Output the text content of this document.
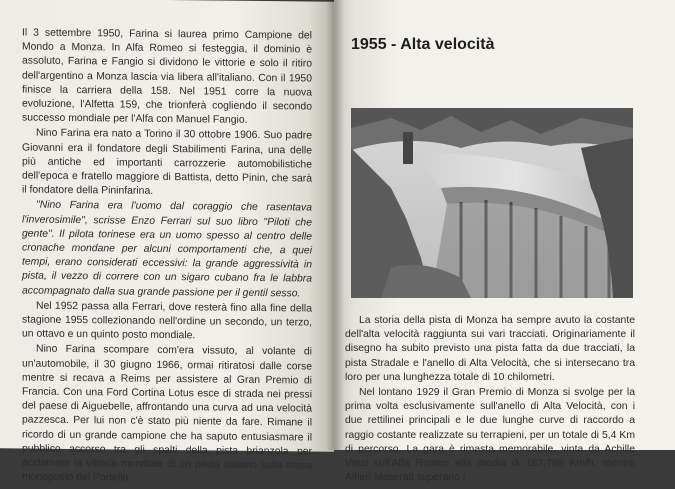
Il 3 settembre 1950, Farina si laurea primo Campione del Mondo a Monza. In Alfa Romeo si festeggia, il dominio è assoluto, Farina e Fangio si dividono le vittorie e solo il ritiro dell'argentino a Monza lascia via libera all'italiano. Con il 1950 finisce la carriera della 158. Nel 1951 corre la nuova evoluzione, l'Alfetta 159, che trionferà cogliendo il secondo successo mondiale per l'Alfa con Manuel Fangio.

Nino Farina era nato a Torino il 30 ottobre 1906. Suo padre Giovanni era il fondatore degli Stabilimenti Farina, una delle più antiche ed importanti carrozzerie automobilistiche dell'epoca e fratello maggiore di Battista, detto Pinin, che sarà il fondatore della Pininfarina.

"Nino Farina era l'uomo dal coraggio che rasentava l'inverosimile", scrisse Enzo Ferrari sul suo libro "Piloti che gente". Il pilota torinese era un uomo spesso al centro delle cronache mondane per alcuni comportamenti che, a quei tempi, erano considerati eccessivi: la grande aggressività in pista, il vezzo di correre con un sigaro cubano fra le labbra accompagnato dalla sua grande passione per il gentil sesso.

Nel 1952 passa alla Ferrari, dove resterà fino alla fine della stagione 1955 collezionando nell'ordine un secondo, un terzo, un ottavo e un quinto posto mondiale.

Nino Farina scompare com'era vissuto, al volante di un'automobile, il 30 giugno 1966, ormai ritiratosi dalle corse mentre si recava a Reims per assistere al Gran Premio di Francia. Con una Ford Cortina Lotus esce di strada nei pressi del paese di Aiguebelle, affrontando una curva ad una velocità pazzesca. Per lui non c'è stato più niente da fare. Rimane il ricordo di un grande campione che ha saputo entusiasmare il pubblico accorso tra gli spalti della pista brianzola per acclamare la vittoria mondiale di un pilota italiano sulla rossa monoposto del Portello.

1955 - Alta velocità

La storia della pista di Monza ha sempre avuto la costante dell'alta velocità raggiunta sui vari tracciati. Originariamente il disegno ha subito previsto una pista fatta da due tracciati, la pista Stradale e l'anello di Alta Velocità, che si intersecano tra loro per una lunghezza totale di 10 chilometri.

Nel lontano 1929 il Gran Premio di Monza si svolge per la prima volta esclusivamente sull'anello di Alta Velocità, con i due rettilinei principali e le due lunghe curve di raccordo a raggio costante realizzate su terrapieni, per un totale di 5,4 Km di percorso. La gara è rimasta memorabile, vinta da Achille Varzi sull'Alfa Romeo alla media di 187,796 Km/h, mentre Alfieri Maserati superano i
